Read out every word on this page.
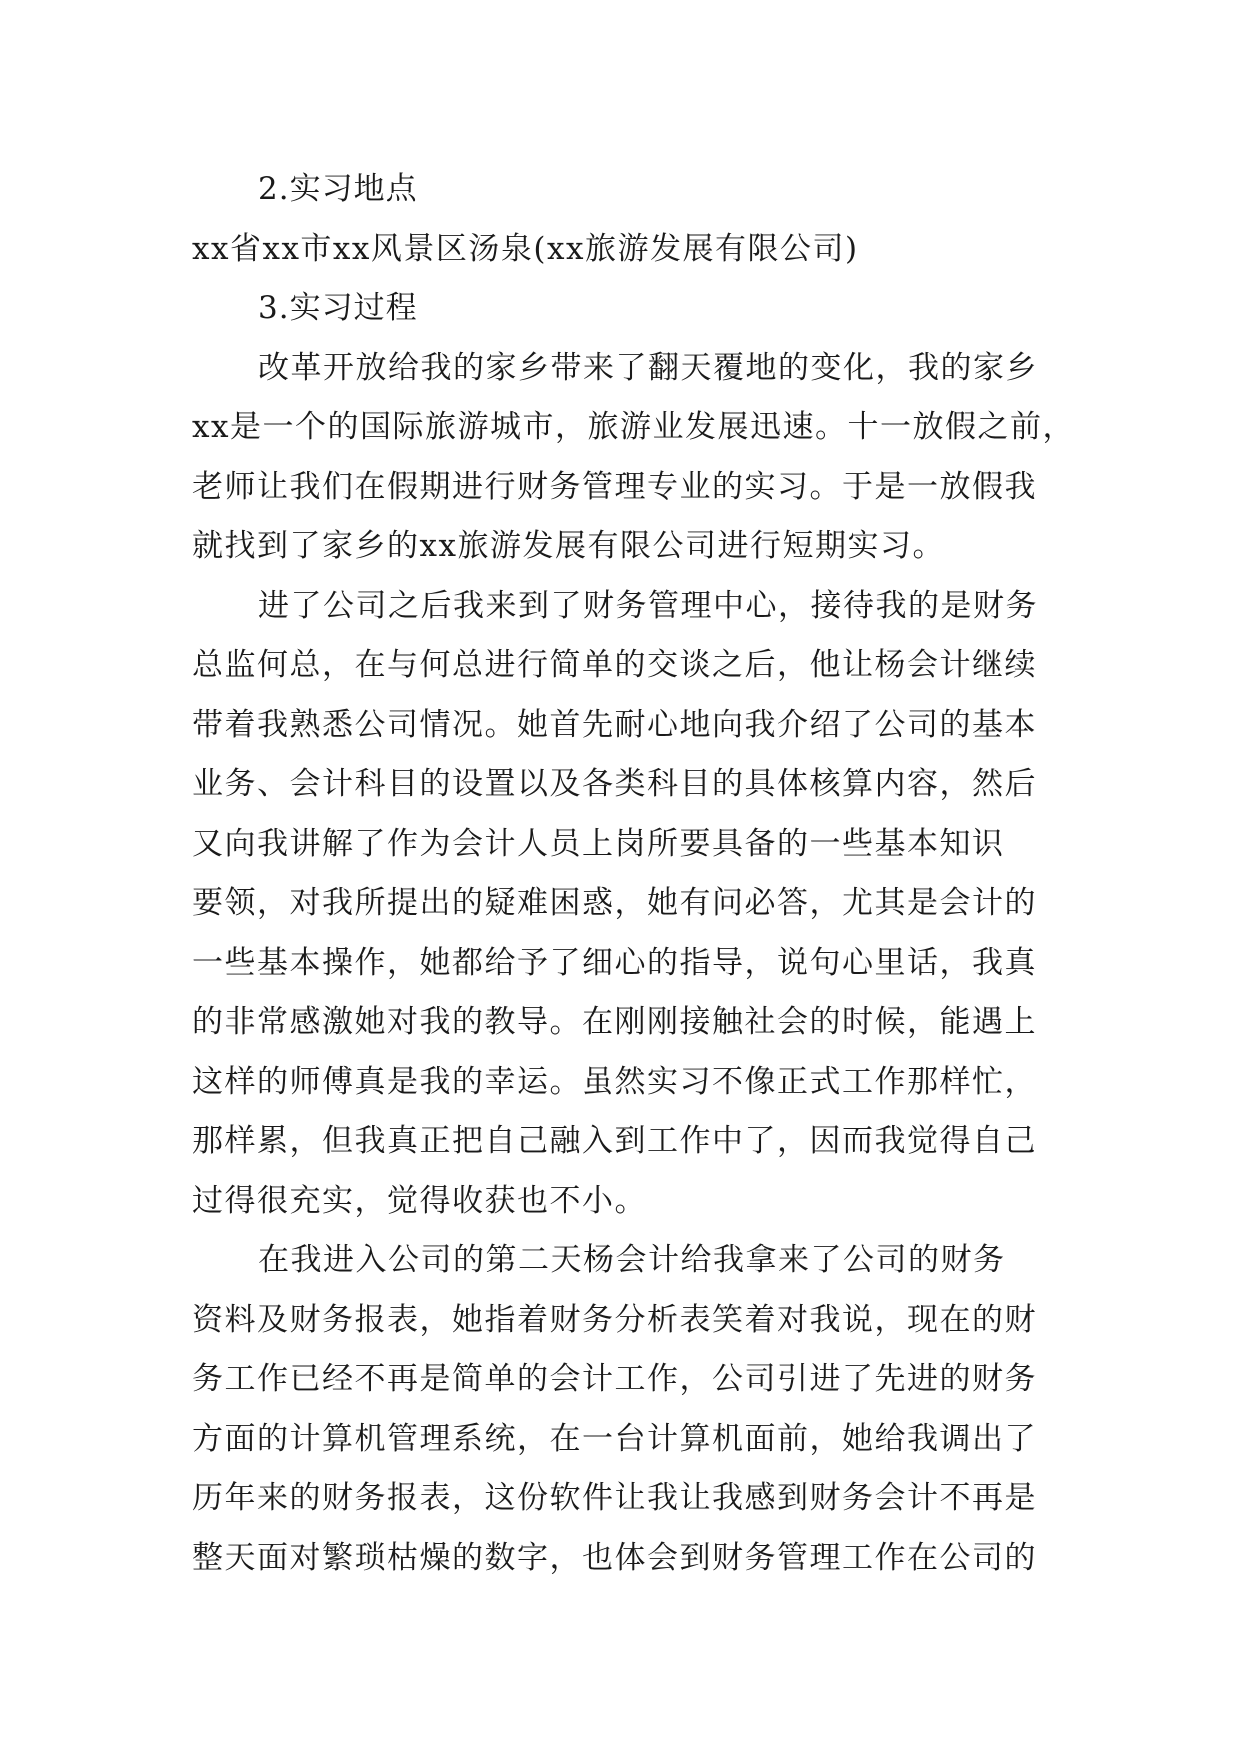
2.实习地点
xx省xx市xx风景区汤泉(xx旅游发展有限公司)
3.实习过程
改革开放给我的家乡带来了翻天覆地的变化，我的家乡
xx是一个的国际旅游城市，旅游业发展迅速。十一放假之前，
老师让我们在假期进行财务管理专业的实习。于是一放假我
就找到了家乡的xx旅游发展有限公司进行短期实习。
进了公司之后我来到了财务管理中心，接待我的是财务
总监何总，在与何总进行简单的交谈之后，他让杨会计继续
带着我熟悉公司情况。她首先耐心地向我介绍了公司的基本
业务、会计科目的设置以及各类科目的具体核算内容，然后
又向我讲解了作为会计人员上岗所要具备的一些基本知识
要领，对我所提出的疑难困惑，她有问必答，尤其是会计的
一些基本操作，她都给予了细心的指导，说句心里话，我真
的非常感激她对我的教导。在刚刚接触社会的时候，能遇上
这样的师傅真是我的幸运。虽然实习不像正式工作那样忙，
那样累，但我真正把自己融入到工作中了，因而我觉得自己
过得很充实，觉得收获也不小。
在我进入公司的第二天杨会计给我拿来了公司的财务
资料及财务报表，她指着财务分析表笑着对我说，现在的财
务工作已经不再是简单的会计工作，公司引进了先进的财务
方面的计算机管理系统，在一台计算机面前，她给我调出了
历年来的财务报表，这份软件让我让我感到财务会计不再是
整天面对繁琐枯燥的数字，也体会到财务管理工作在公司的
